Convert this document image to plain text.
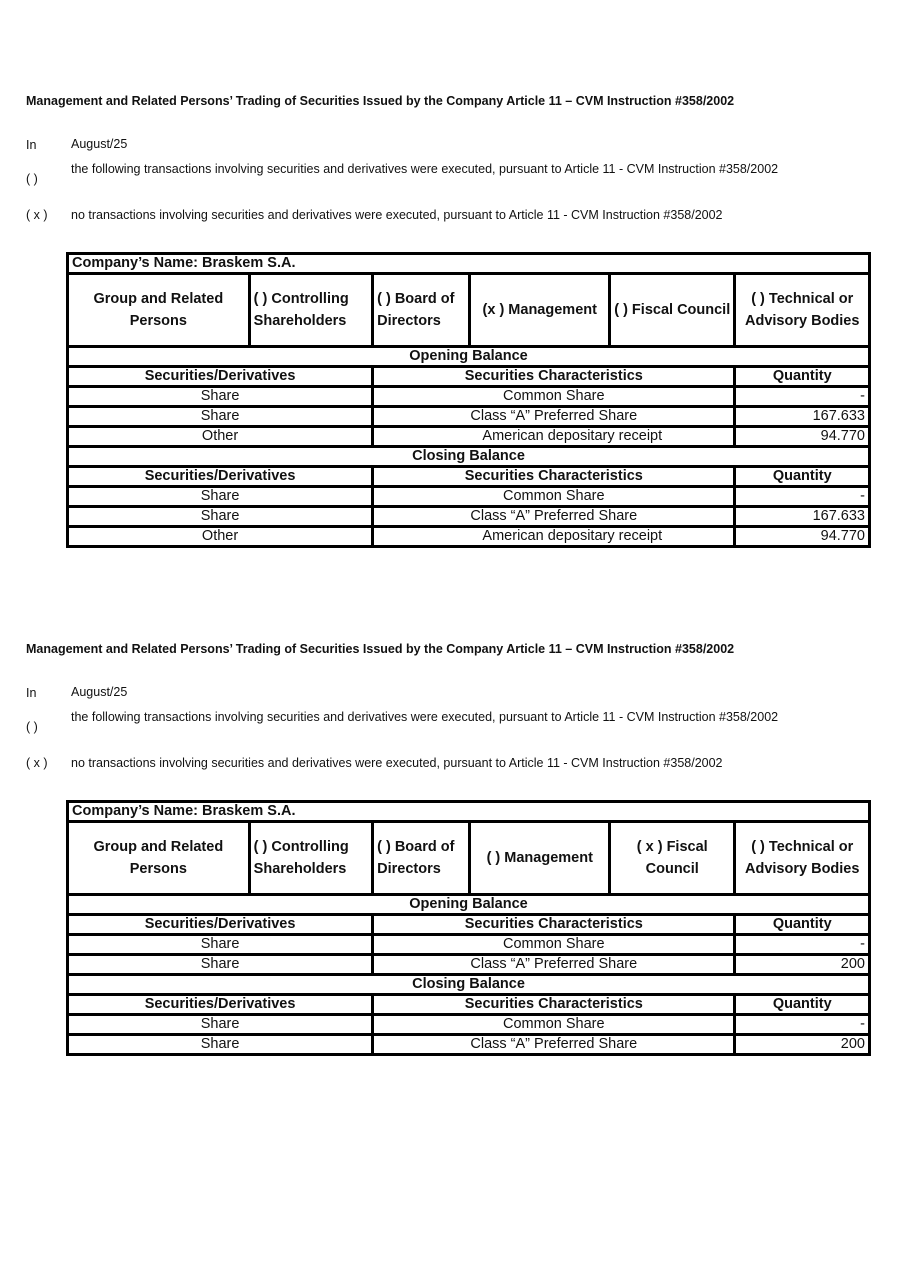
Management and Related Persons’ Trading of Securities Issued by the Company Article 11 – CVM Instruction #358/2002
In	August/25
( )
the following transactions involving securities and derivatives were executed, pursuant to Article 11 - CVM Instruction #358/2002
( x ) no transactions involving securities and derivatives were executed, pursuant to Article 11 - CVM Instruction #358/2002
Company’s Name: Braskem S.A.					
Group and Related Persons	( ) Controlling Shareholders	( ) Board of Directors	(x ) Management	( ) Fiscal Council	( ) Technical or Advisory Bodies
Opening Balance					
Securities/Derivatives		Securities Characteristics			Quantity
Share		Common Share			-
Share		Class “A” Preferred Share			167.633
Other		American depositary receipt			94.770
Closing Balance					
Securities/Derivatives		Securities Characteristics			Quantity
Share		Common Share			-
Share		Class “A” Preferred Share			167.633
Other		American depositary receipt			94.770
Management and Related Persons’ Trading of Securities Issued by the Company Article 11 – CVM Instruction #358/2002
In	August/25
( )
the following transactions involving securities and derivatives were executed, pursuant to Article 11 - CVM Instruction #358/2002
( x ) no transactions involving securities and derivatives were executed, pursuant to Article 11 - CVM Instruction #358/2002
Company’s Name: Braskem S.A.					
Group and Related Persons	( ) Controlling Shareholders	( ) Board of Directors	( ) Management	( x ) Fiscal Council	( ) Technical or Advisory Bodies
Opening Balance					
Securities/Derivatives		Securities Characteristics			Quantity
Share		Common Share			-
Share		Class “A” Preferred Share			200
Closing Balance					
Securities/Derivatives		Securities Characteristics			Quantity
Share		Common Share			-
Share		Class “A” Preferred Share			200
